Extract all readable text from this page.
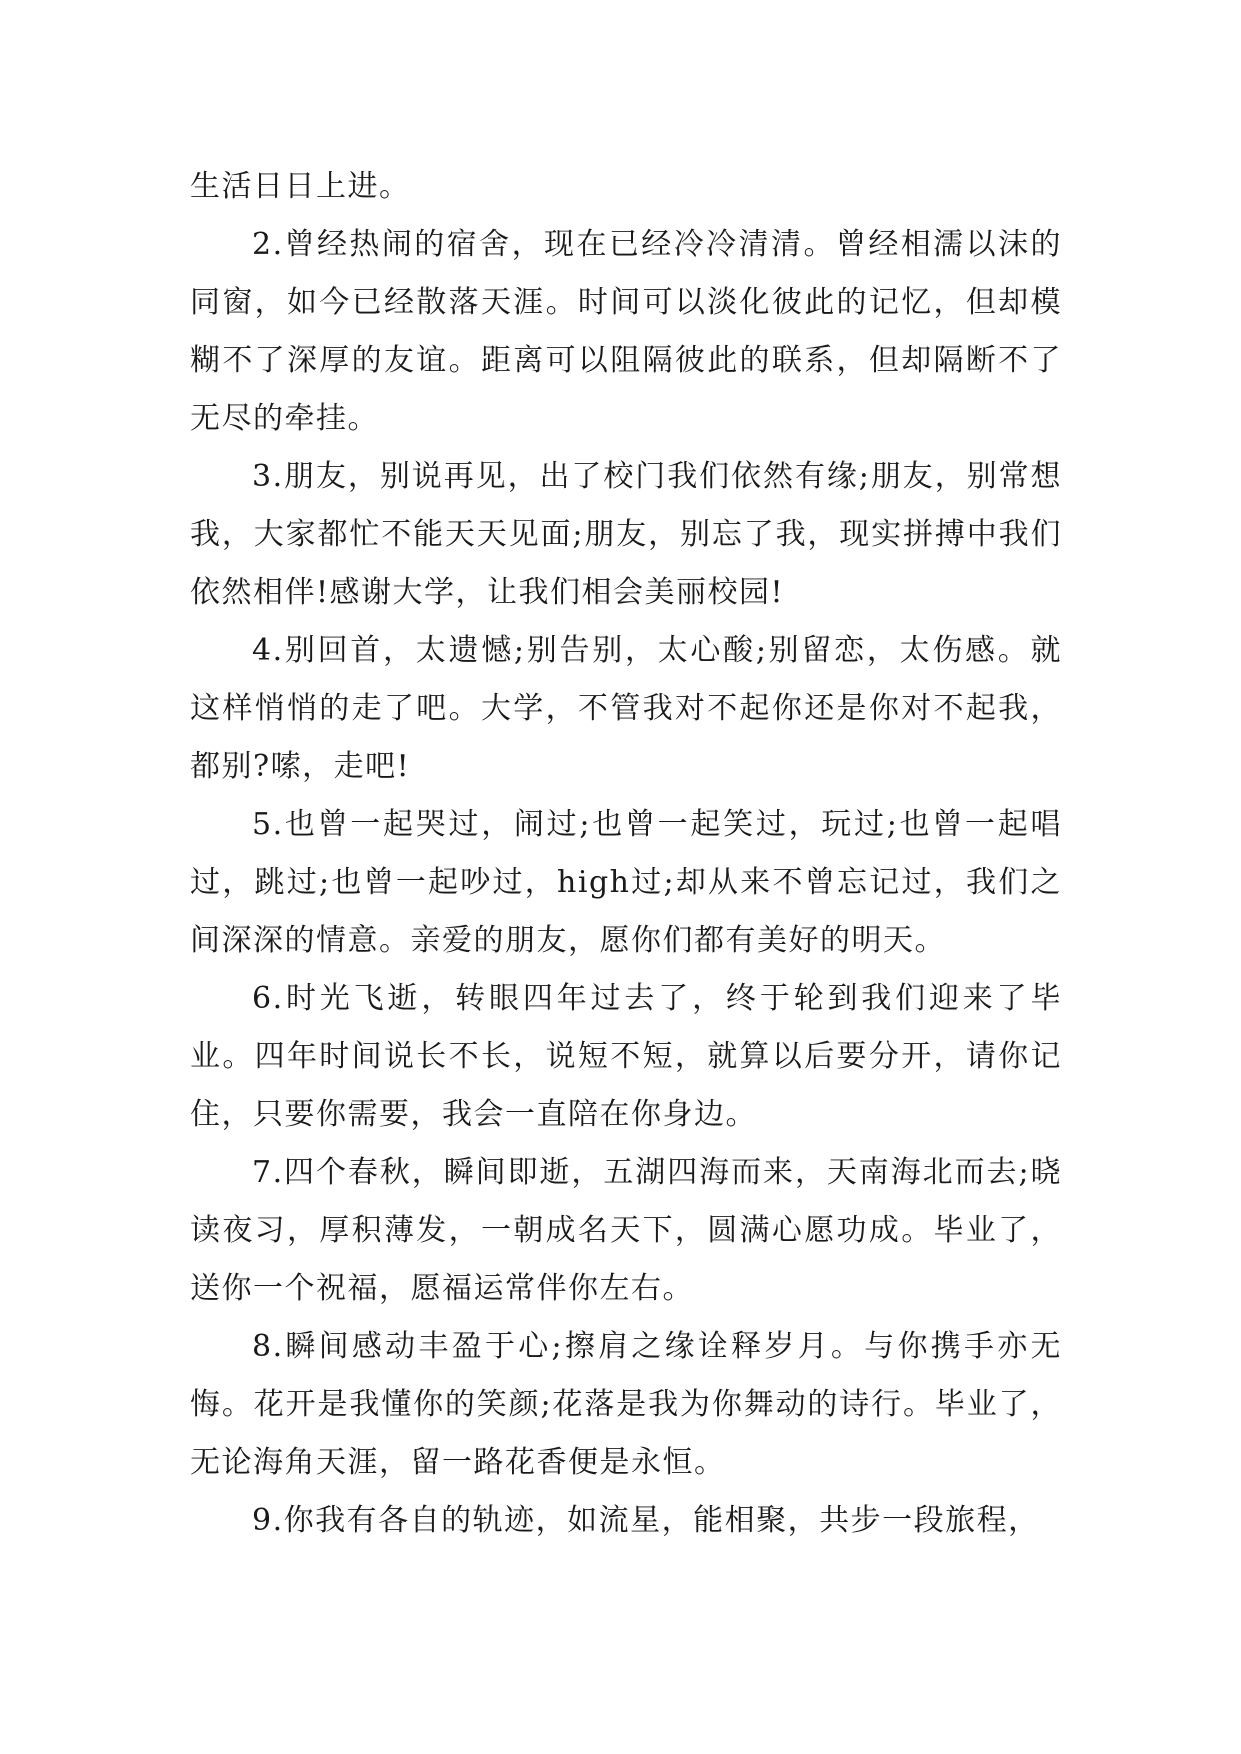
生活日日上进。

2.曾经热闹的宿舍，现在已经冷冷清清。曾经相濡以沫的同窗，如今已经散落天涯。时间可以淡化彼此的记忆，但却模糊不了深厚的友谊。距离可以阻隔彼此的联系，但却隔断不了无尽的牵挂。

3.朋友，别说再见，出了校门我们依然有缘;朋友，别常想我，大家都忙不能天天见面;朋友，别忘了我，现实拼搏中我们依然相伴!感谢大学，让我们相会美丽校园!

4.别回首，太遗憾;别告别，太心酸;别留恋，太伤感。就这样悄悄的走了吧。大学，不管我对不起你还是你对不起我，都别?嗦，走吧!

5.也曾一起哭过，闹过;也曾一起笑过，玩过;也曾一起唱过，跳过;也曾一起吵过，high过;却从来不曾忘记过，我们之间深深的情意。亲爱的朋友，愿你们都有美好的明天。

6.时光飞逝，转眼四年过去了，终于轮到我们迎来了毕业。四年时间说长不长，说短不短，就算以后要分开，请你记住，只要你需要，我会一直陪在你身边。

7.四个春秋，瞬间即逝，五湖四海而来，天南海北而去;晓读夜习，厚积薄发，一朝成名天下，圆满心愿功成。毕业了，送你一个祝福，愿福运常伴你左右。

8.瞬间感动丰盈于心;擦肩之缘诠释岁月。与你携手亦无悔。花开是我懂你的笑颜;花落是我为你舞动的诗行。毕业了，无论海角天涯，留一路花香便是永恒。

9.你我有各自的轨迹，如流星，能相聚，共步一段旅程，
